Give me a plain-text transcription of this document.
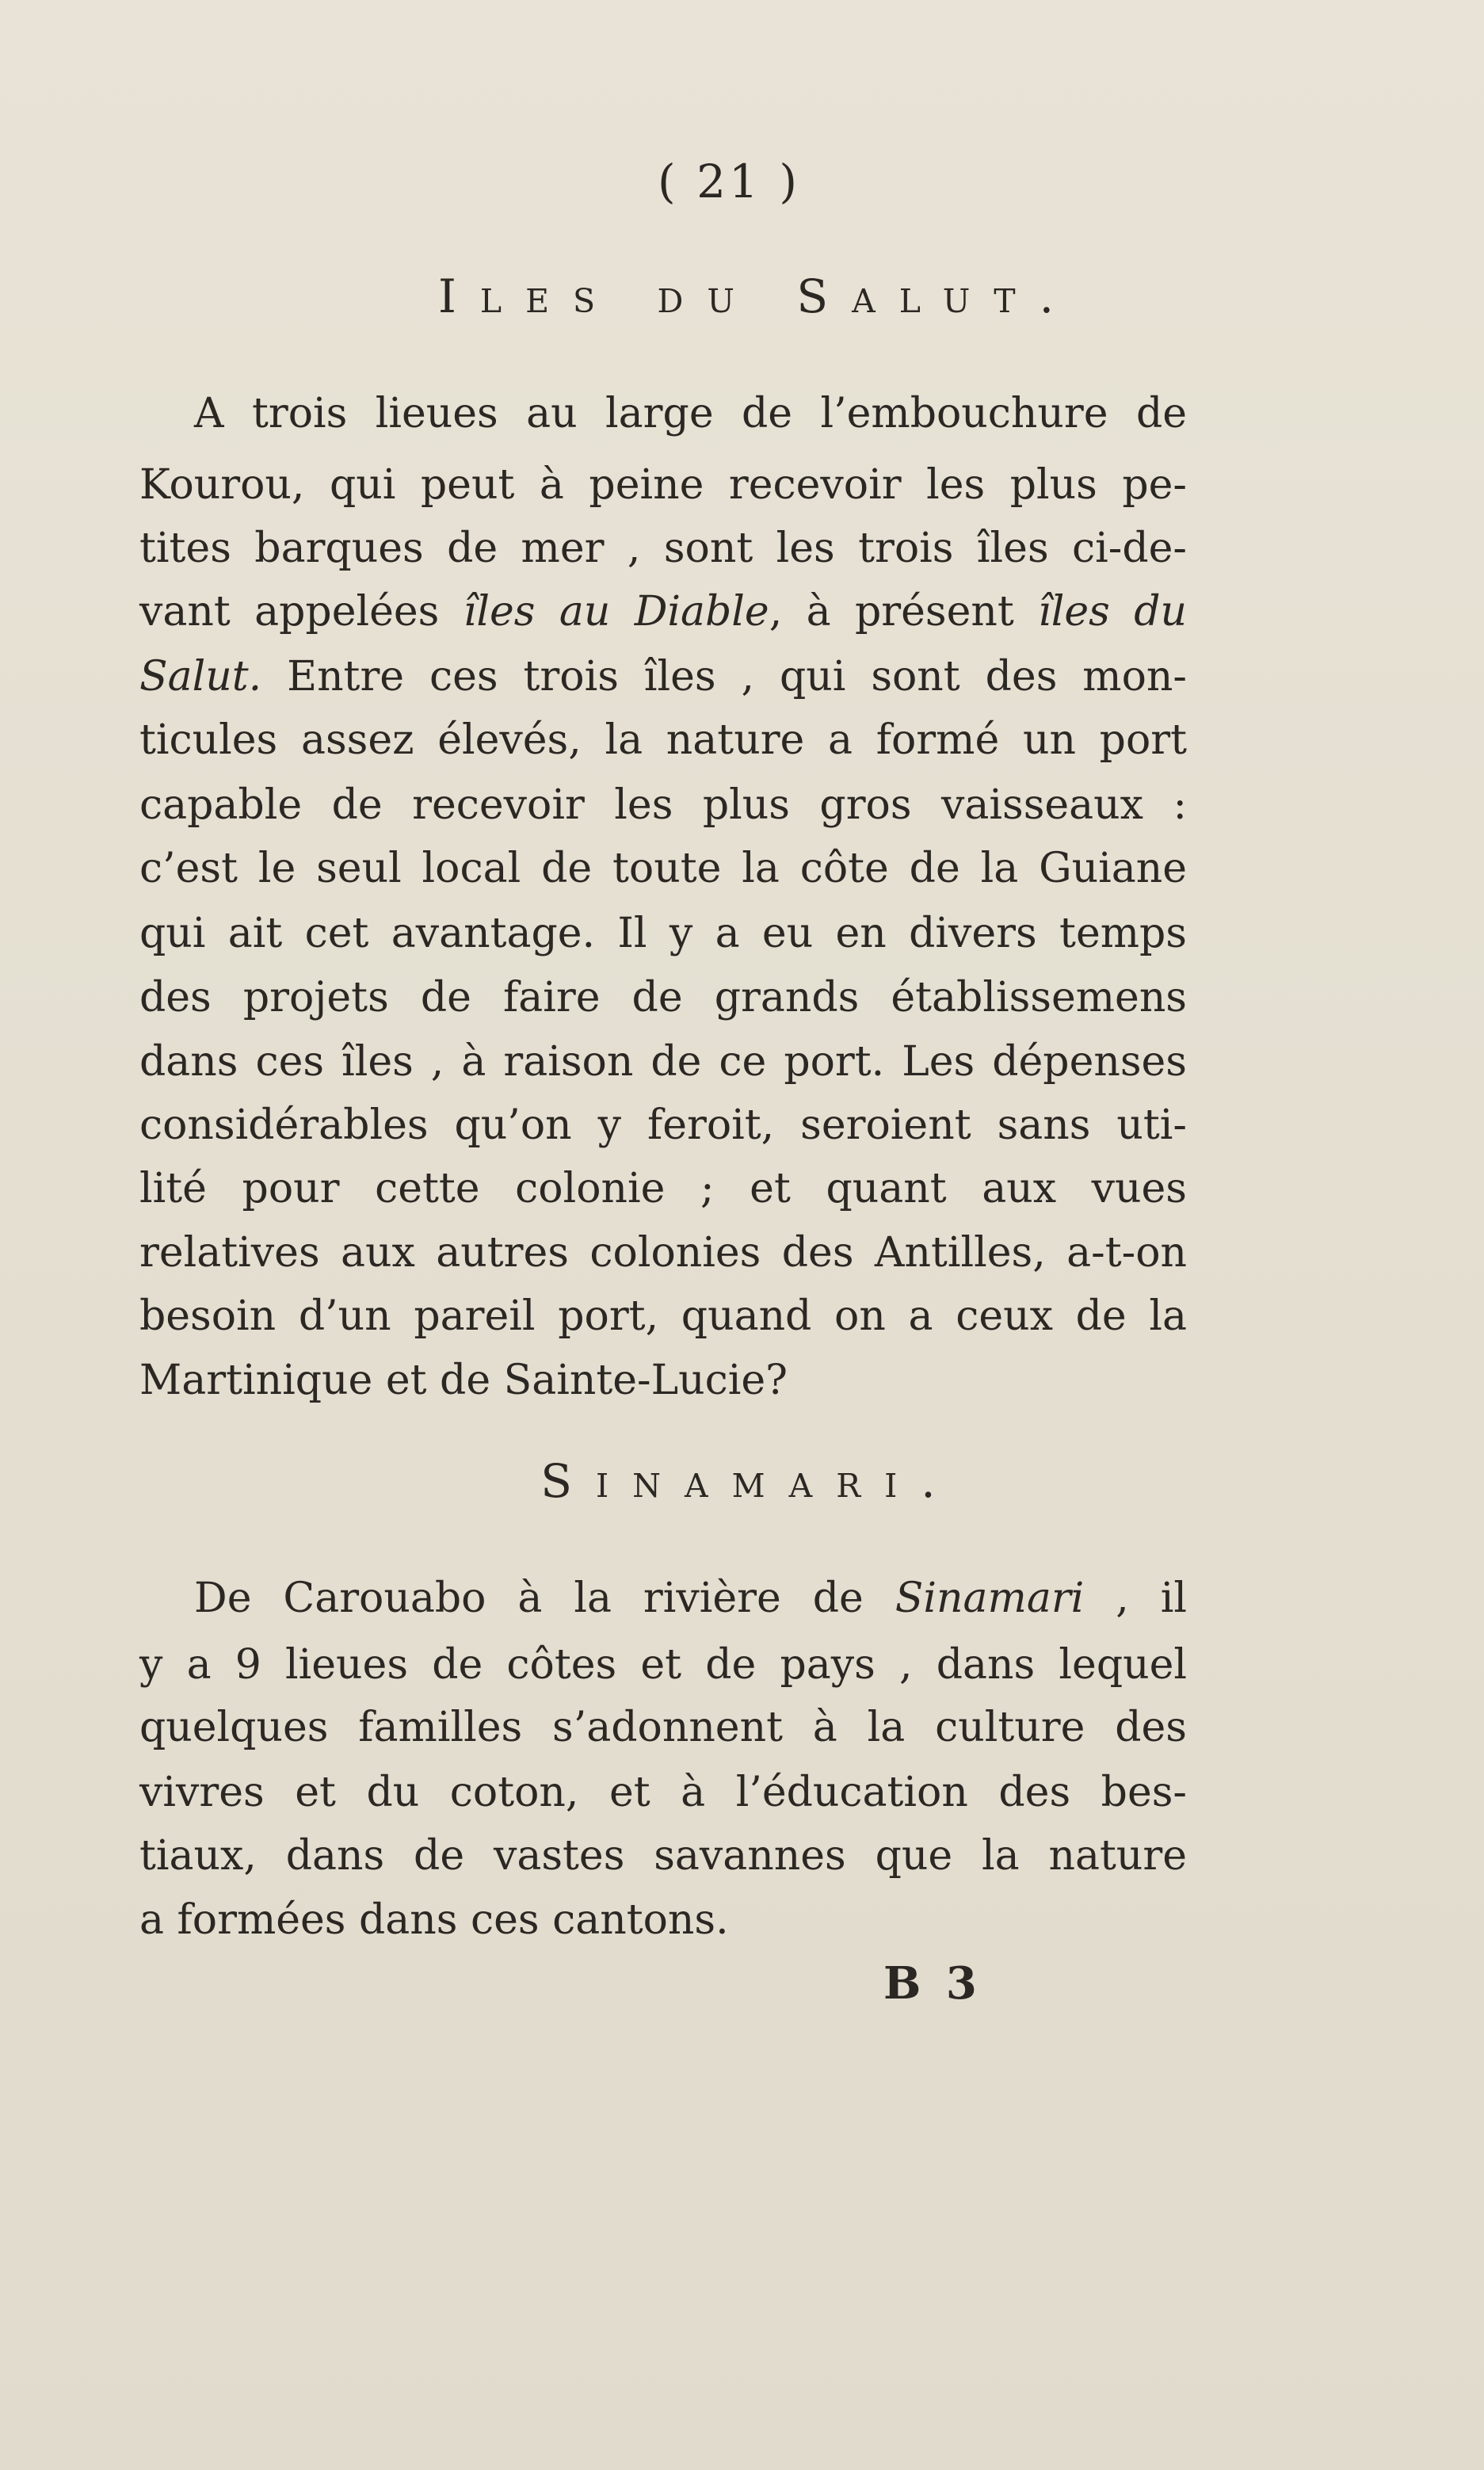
( 21 )
Iles du Salut.
A trois lieues au large de l’embouchure de
Kourou, qui peut à peine recevoir les plus pe-
tites barques de mer , sont les trois îles ci-de-
vant appelées îles au Diable, à présent îles du
Salut. Entre ces trois îles , qui sont des mon-
ticules assez élevés, la nature a formé un port
capable de recevoir les plus gros vaisseaux :
c’est le seul local de toute la côte de la Guiane
qui ait cet avantage. Il y a eu en divers temps
des projets de faire de grands établissemens
dans ces îles , à raison de ce port. Les dépenses
considérables qu’on y feroit, seroient sans uti-
lité pour cette colonie ; et quant aux vues
relatives aux autres colonies des Antilles, a-t-on
besoin d’un pareil port, quand on a ceux de la
Martinique et de Sainte-Lucie?
Sinamari.
De Carouabo à la rivière de Sinamari , il
y a 9 lieues de côtes et de pays , dans lequel
quelques familles s’adonnent à la culture des
vivres et du coton, et à l’éducation des bes-
tiaux, dans de vastes savannes que la nature
a formées dans ces cantons.
B 3
